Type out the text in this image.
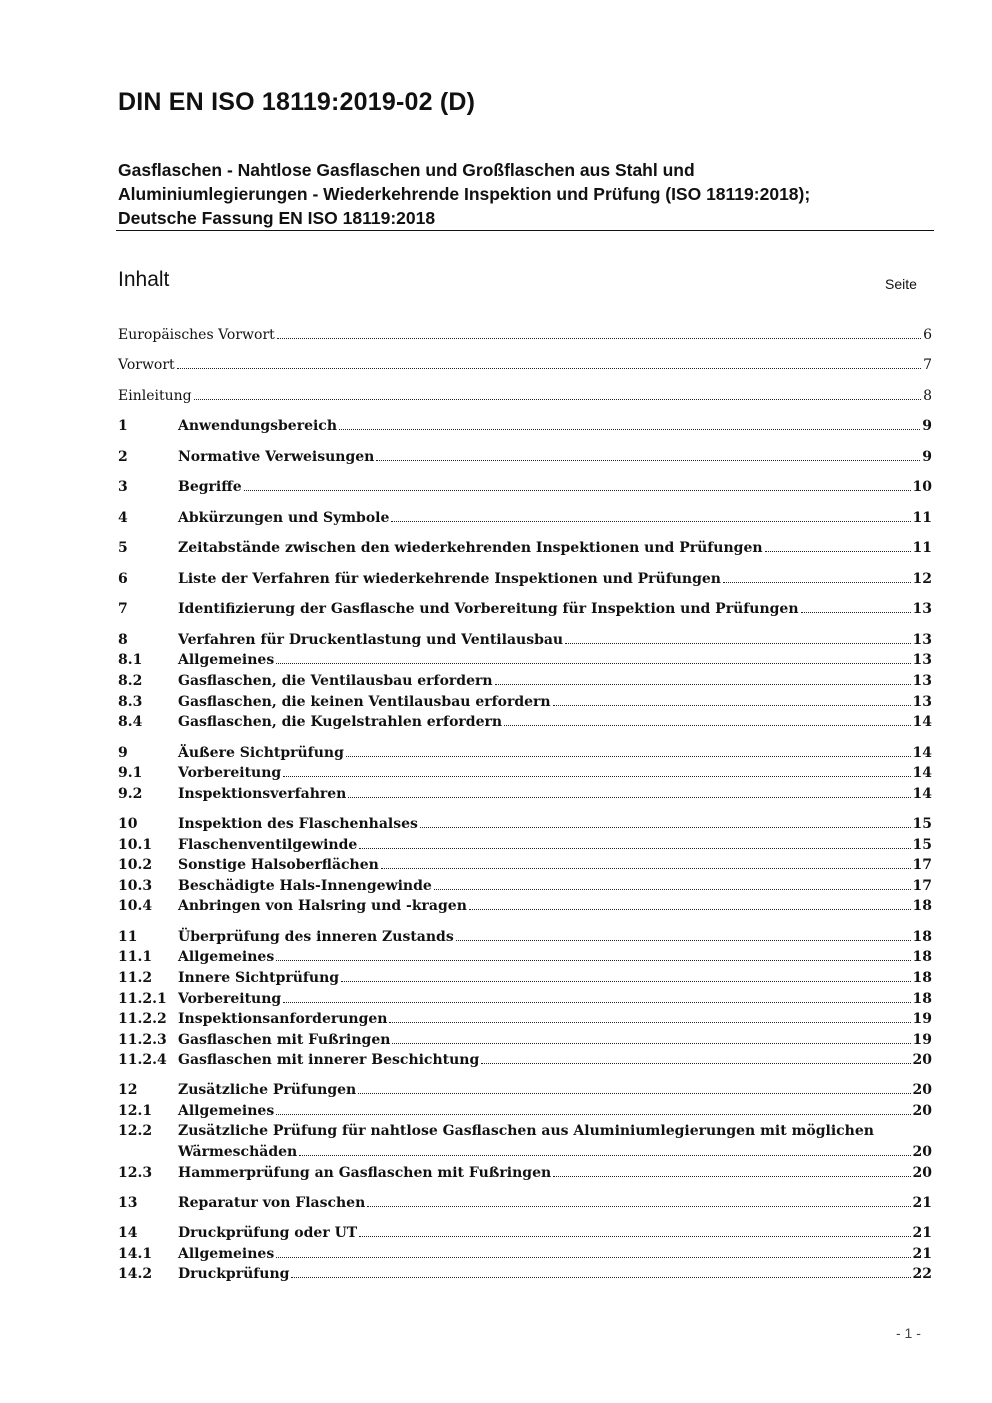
DIN EN ISO 18119:2019-02 (D)
Gasflaschen - Nahtlose Gasflaschen und Großflaschen aus Stahl und
Aluminiumlegierungen - Wiederkehrende Inspektion und Prüfung (ISO 18119:2018);
Deutsche Fassung EN ISO 18119:2018
Inhalt	Seite
Europäisches Vorwort	6
Vorwort	7
Einleitung	8
1	Anwendungsbereich	9
2	Normative Verweisungen	9
3	Begriffe	10
4	Abkürzungen und Symbole	11
5	Zeitabstände zwischen den wiederkehrenden Inspektionen und Prüfungen	11
6	Liste der Verfahren für wiederkehrende Inspektionen und Prüfungen	12
7	Identifizierung der Gasflasche und Vorbereitung für Inspektion und Prüfungen	13
8	Verfahren für Druckentlastung und Ventilausbau	13
8.1	Allgemeines	13
8.2	Gasflaschen, die Ventilausbau erfordern	13
8.3	Gasflaschen, die keinen Ventilausbau erfordern	13
8.4	Gasflaschen, die Kugelstrahlen erfordern	14
9	Äußere Sichtprüfung	14
9.1	Vorbereitung	14
9.2	Inspektionsverfahren	14
10	Inspektion des Flaschenhalses	15
10.1	Flaschenventilgewinde	15
10.2	Sonstige Halsoberflächen	17
10.3	Beschädigte Hals-Innengewinde	17
10.4	Anbringen von Halsring und -kragen	18
11	Überprüfung des inneren Zustands	18
11.1	Allgemeines	18
11.2	Innere Sichtprüfung	18
11.2.1 Vorbereitung	18
11.2.2 Inspektionsanforderungen	19
11.2.3 Gasflaschen mit Fußringen	19
11.2.4 Gasflaschen mit innerer Beschichtung	20
12	Zusätzliche Prüfungen	20
12.1	Allgemeines	20
12.2	Zusätzliche Prüfung für nahtlose Gasflaschen aus Aluminiumlegierungen mit möglichen
Wärmeschäden	20
12.3	Hammerprüfung an Gasflaschen mit Fußringen	20
13	Reparatur von Flaschen	21
14	Druckprüfung oder UT	21
14.1	Allgemeines	21
14.2	Druckprüfung	22
- 1 -
